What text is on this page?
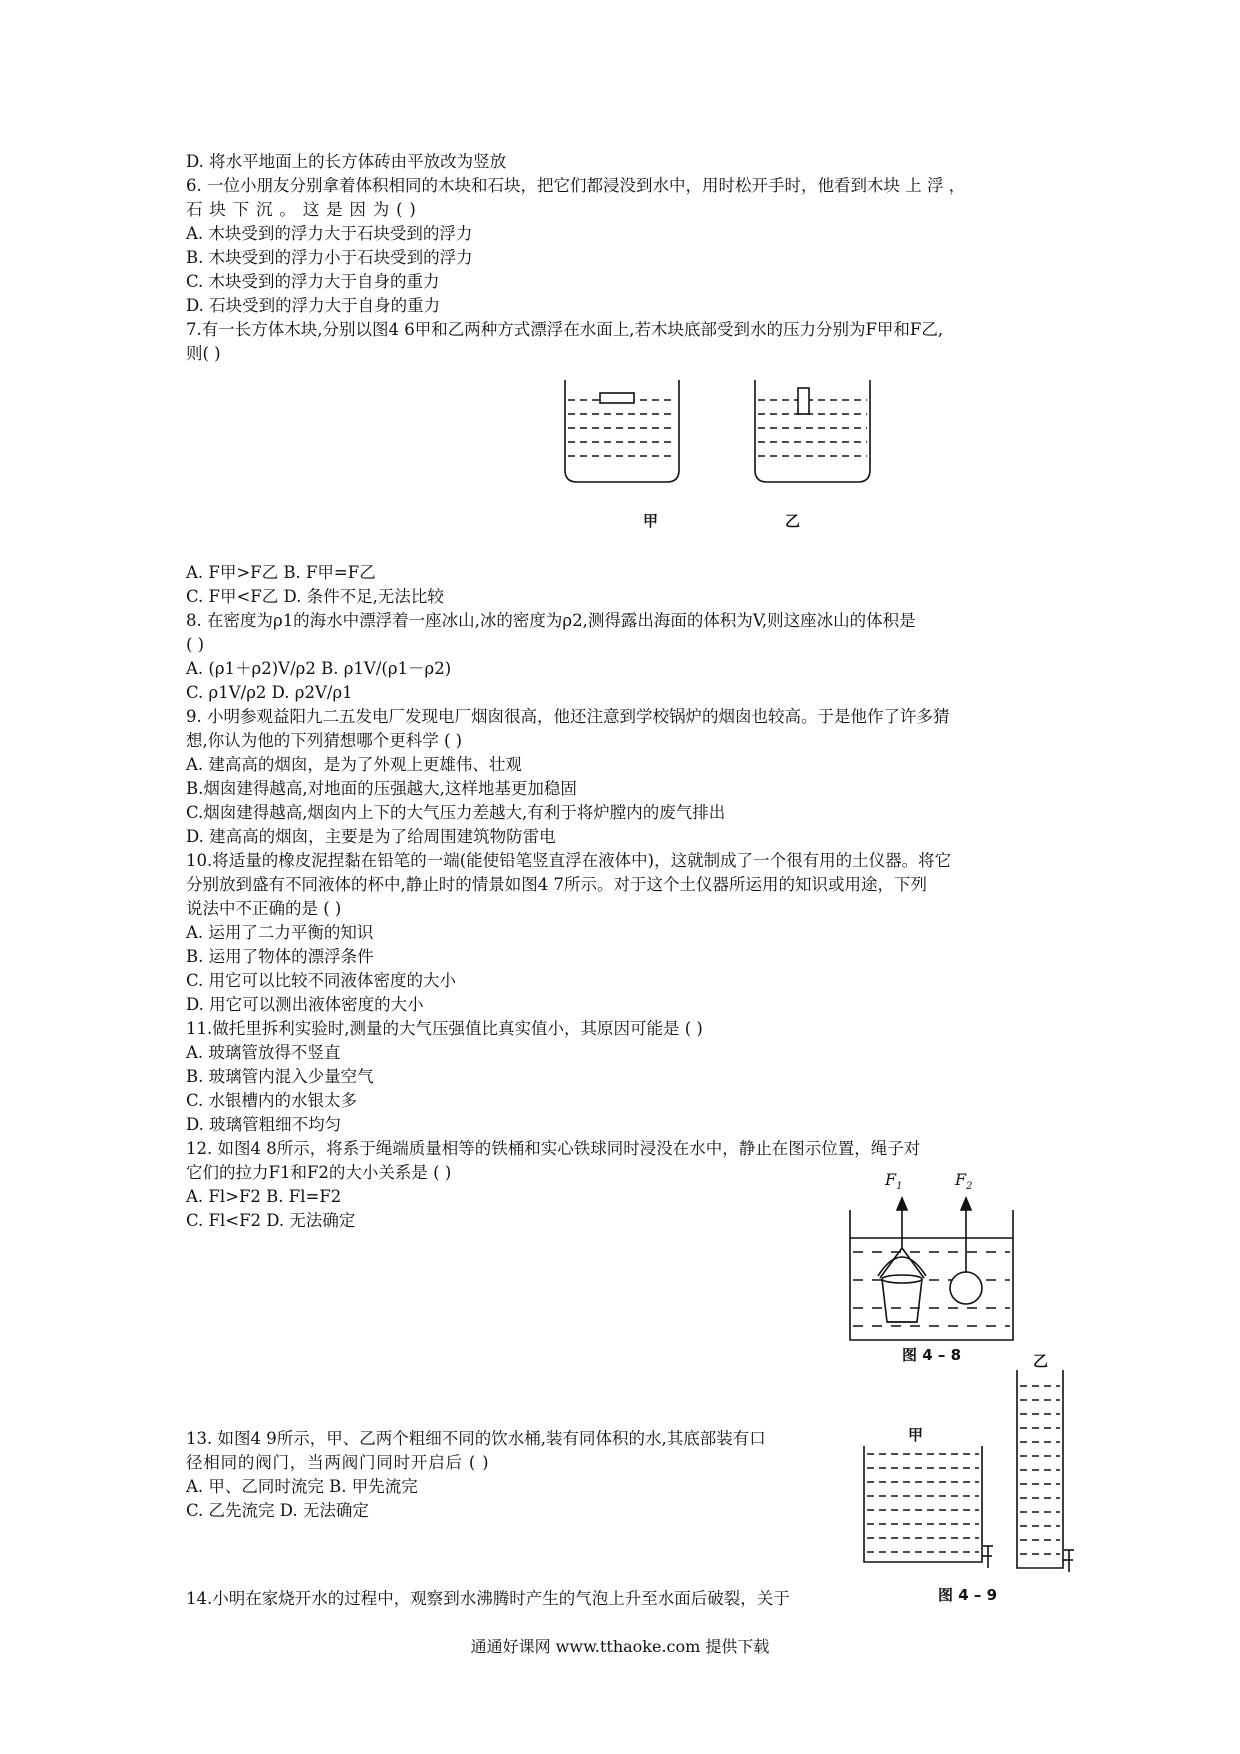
D. 将水平地面上的长方体砖由平放改为竖放
6. 一位小朋友分别拿着体积相同的木块和石块，把它们都浸没到水中，用时松开手时，他看到木块 上 浮 ，
石 块 下 沉 。 这 是 因 为 ( )
A. 木块受到的浮力大于石块受到的浮力
B. 木块受到的浮力小于石块受到的浮力
C. 木块受到的浮力大于自身的重力
D. 石块受到的浮力大于自身的重力
7.有一长方体木块,分别以图4 6甲和乙两种方式漂浮在水面上,若木块底部受到水的压力分别为F甲和F乙,
则( )
甲	乙
A. F甲>F乙 B. F甲=F乙
C. F甲<F乙 D. 条件不足,无法比较
8. 在密度为ρ1的海水中漂浮着一座冰山,冰的密度为ρ2,测得露出海面的体积为V,则这座冰山的体积是
( )
A. (ρ1＋ρ2)V/ρ2 B. ρ1V/(ρ1－ρ2)
C. ρ1V/ρ2 D. ρ2V/ρ1
9. 小明参观益阳九二五发电厂发现电厂烟囱很高，他还注意到学校锅炉的烟囱也较高。于是他作了许多猜
想,你认为他的下列猜想哪个更科学 ( )
A. 建高高的烟囱，是为了外观上更雄伟、壮观
B.烟囱建得越高,对地面的压强越大,这样地基更加稳固
C.烟囱建得越高,烟囱内上下的大气压力差越大,有利于将炉膛内的废气排出
D. 建高高的烟囱，主要是为了给周围建筑物防雷电
10.将适量的橡皮泥捏黏在铅笔的一端(能使铅笔竖直浮在液体中)，这就制成了一个很有用的土仪器。将它
分别放到盛有不同液体的杯中,静止时的情景如图4 7所示。对于这个土仪器所运用的知识或用途，下列
说法中不正确的是 ( )
A. 运用了二力平衡的知识
B. 运用了物体的漂浮条件
C. 用它可以比较不同液体密度的大小
D. 用它可以测出液体密度的大小
11.做托里拆利实验时,测量的大气压强值比真实值小，其原因可能是 ( )
A. 玻璃管放得不竖直
B. 玻璃管内混入少量空气
C. 水银槽内的水银太多
D. 玻璃管粗细不均匀
12. 如图4 8所示，将系于绳端质量相等的铁桶和实心铁球同时浸没在水中，静止在图示位置，绳子对
它们的拉力F1和F2的大小关系是 ( )
A. Fl>F2 B. Fl=F2
C. Fl<F2 D. 无法确定
$F_1$	$F_2$
图 4 – 8
甲
乙
图 4 – 9
13. 如图4 9所示，甲、乙两个粗细不同的饮水桶,装有同体积的水,其底部装有口
径相同的阀门，当两阀门同时开启后 ( )
A. 甲、乙同时流完 B. 甲先流完
C. 乙先流完 D. 无法确定
14.小明在家烧开水的过程中，观察到水沸腾时产生的气泡上升至水面后破裂，关于
通通好课网 www.tthaoke.com 提供下载
